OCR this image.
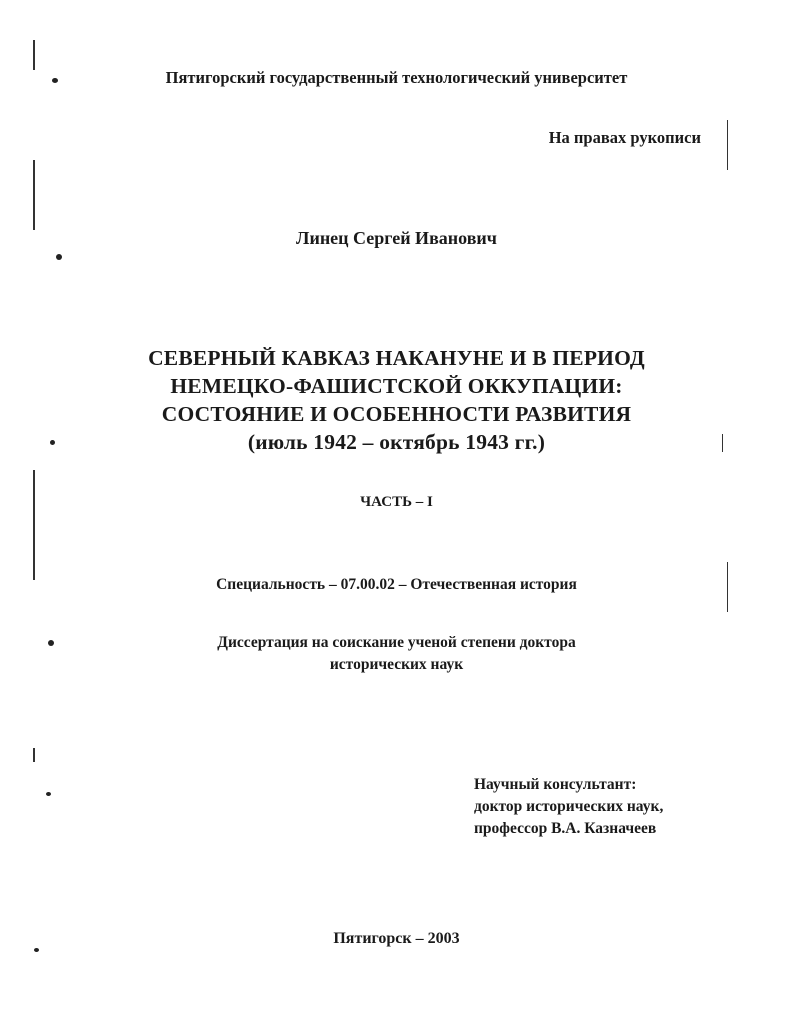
Пятигорский государственный технологический университет
На правах рукописи
Линец Сергей Иванович
СЕВЕРНЫЙ КАВКАЗ НАКАНУНЕ И В ПЕРИОД
НЕМЕЦКО-ФАШИСТСКОЙ ОККУПАЦИИ:
СОСТОЯНИЕ И ОСОБЕННОСТИ РАЗВИТИЯ
(июль 1942 – октябрь 1943 гг.)
ЧАСТЬ – I
Специальность – 07.00.02 – Отечественная история
Диссертация на соискание ученой степени доктора
исторических наук
Научный консультант:
доктор исторических наук,
профессор В.А. Казначеев
Пятигорск – 2003
